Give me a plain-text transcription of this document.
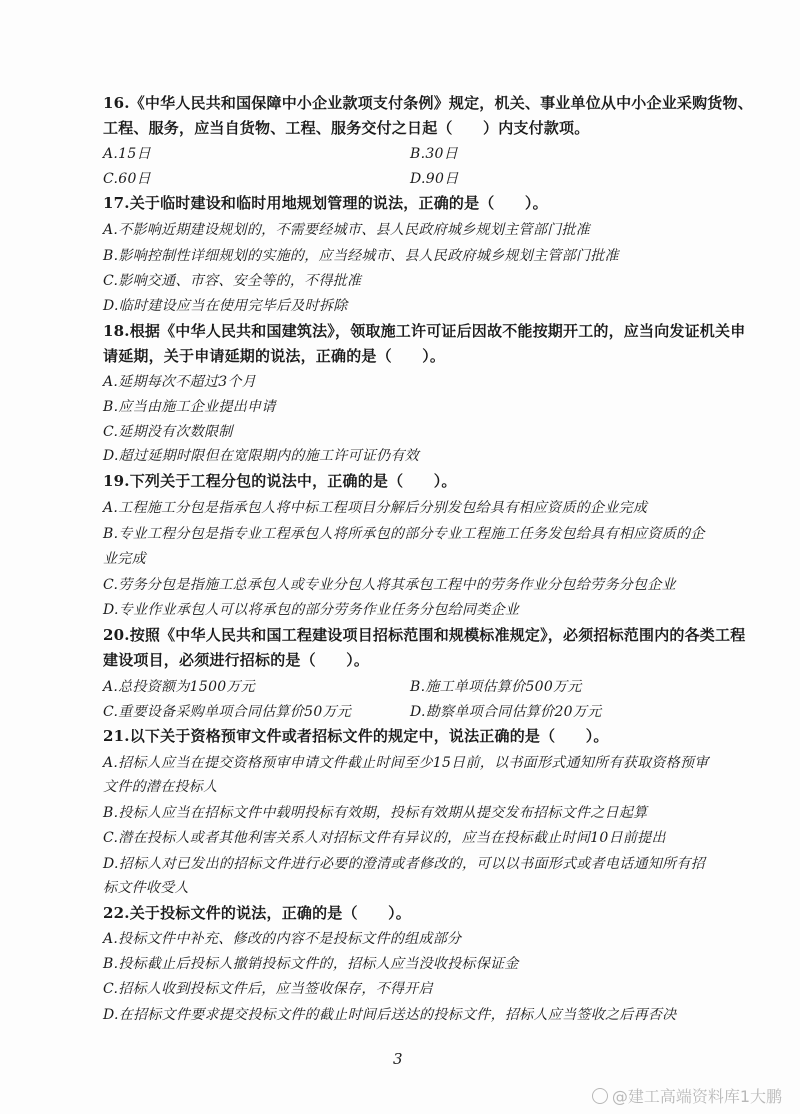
16.《中华人民共和国保障中小企业款项支付条例》规定，机关、事业单位从中小企业采购货物、
工程、服务，应当自货物、工程、服务交付之日起（　　）内支付款项。
A.15日	B.30日
C.60日	D.90日
17.关于临时建设和临时用地规划管理的说法，正确的是（　　）。
A.不影响近期建设规划的，不需要经城市、县人民政府城乡规划主管部门批准
B.影响控制性详细规划的实施的，应当经城市、县人民政府城乡规划主管部门批准
C.影响交通、市容、安全等的，不得批准
D.临时建设应当在使用完毕后及时拆除
18.根据《中华人民共和国建筑法》，领取施工许可证后因故不能按期开工的，应当向发证机关申
请延期，关于申请延期的说法，正确的是（　　）。
A.延期每次不超过3个月
B.应当由施工企业提出申请
C.延期没有次数限制
D.超过延期时限但在宽限期内的施工许可证仍有效
19.下列关于工程分包的说法中，正确的是（　　）。
A.工程施工分包是指承包人将中标工程项目分解后分别发包给具有相应资质的企业完成
B.专业工程分包是指专业工程承包人将所承包的部分专业工程施工任务发包给具有相应资质的企
业完成
C.劳务分包是指施工总承包人或专业分包人将其承包工程中的劳务作业分包给劳务分包企业
D.专业作业承包人可以将承包的部分劳务作业任务分包给同类企业
20.按照《中华人民共和国工程建设项目招标范围和规模标准规定》，必须招标范围内的各类工程
建设项目，必须进行招标的是（　　）。
A.总投资额为1500万元	B.施工单项估算价500万元
C.重要设备采购单项合同估算价50万元	D.勘察单项合同估算价20万元
21.以下关于资格预审文件或者招标文件的规定中，说法正确的是（　　）。
A.招标人应当在提交资格预审申请文件截止时间至少15日前，以书面形式通知所有获取资格预审
文件的潜在投标人
B.投标人应当在招标文件中载明投标有效期，投标有效期从提交发布招标文件之日起算
C.潜在投标人或者其他利害关系人对招标文件有异议的，应当在投标截止时间10日前提出
D.招标人对已发出的招标文件进行必要的澄清或者修改的，可以以书面形式或者电话通知所有招
标文件收受人
22.关于投标文件的说法，正确的是（　　）。
A.投标文件中补充、修改的内容不是投标文件的组成部分
B.投标截止后投标人撤销投标文件的，招标人应当没收投标保证金
C.招标人收到投标文件后，应当签收保存，不得开启
D.在招标文件要求提交投标文件的截止时间后送达的投标文件，招标人应当签收之后再否决
3
@建工高端资料库1大鹏
